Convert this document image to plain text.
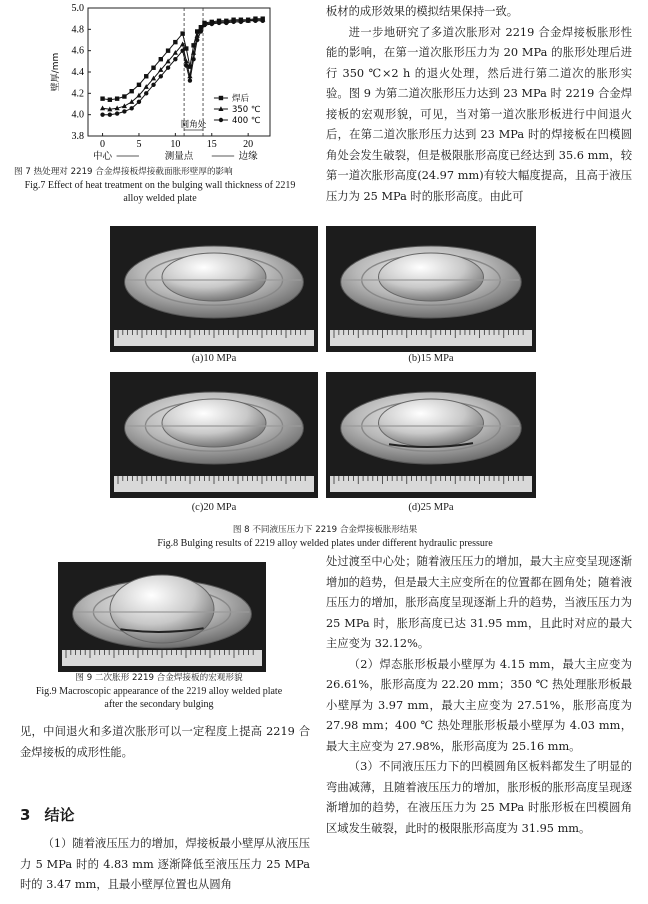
3.8
4.0
4.2
4.4
4.6
4.8
5.0
0	5	10	15	20
壁厚/mm
测量点
中心	边缘
圆角处
焊后
350 ℃
400 ℃
图 7 热处理对 2219 合金焊接板焊接截面胀形壁厚的影响
Fig.7 Effect of heat treatment on the bulging wall thickness of 2219 alloy welded plate

板材的成形效果的模拟结果保持一致。

进一步地研究了多道次胀形对 2219 合金焊接板胀形性能的影响，在第一道次胀形压力为 20 MPa 的胀形处理后进行 350 ℃×2 h 的退火处理，然后进行第二道次的胀形实验。图 9 为第二道次胀形压力达到 23 MPa 时 2219 合金焊接板的宏观形貌，可见，当对第一道次胀形板进行中间退火后，在第二道次胀形压力达到 23 MPa 时的焊接板在凹模圆角处会发生破裂，但是极限胀形高度已经达到 35.6 mm，较第一道次胀形高度(24.97 mm)有较大幅度提高，且高于液压压力为 25 MPa 时的胀形高度。由此可

(a)10 MPa	(b)15 MPa
(c)20 MPa	(d)25 MPa
图 8 不同液压压力下 2219 合金焊接板胀形结果
Fig.8 Bulging results of 2219 alloy welded plates under different hydraulic pressure
图 9 二次胀形 2219 合金焊接板的宏观形貌
Fig.9 Macroscopic appearance of the 2219 alloy welded plate
after the secondary bulging

见，中间退火和多道次胀形可以一定程度上提高 2219 合金焊接板的成形性能。

3 结论

（1）随着液压压力的增加，焊接板最小壁厚从液压压力 5 MPa 时的 4.83 mm 逐渐降低至液压压力 25 MPa 时的 3.47 mm，且最小壁厚位置也从圆角

处过渡至中心处；随着液压压力的增加，最大主应变呈现逐渐增加的趋势，但是最大主应变所在的位置都在圆角处；随着液压压力的增加，胀形高度呈现逐渐上升的趋势，当液压压力为 25 MPa 时，胀形高度已达 31.95 mm，且此时对应的最大主应变为 32.12%。

（2）焊态胀形板最小壁厚为 4.15 mm，最大主应变为 26.61%，胀形高度为 22.20 mm；350 ℃ 热处理胀形板最小壁厚为 3.97 mm，最大主应变为 27.51%，胀形高度为 27.98 mm；400 ℃ 热处理胀形板最小壁厚为 4.03 mm，最大主应变为 27.98%，胀形高度为 25.16 mm。

（3）不同液压压力下的凹模圆角区板料都发生了明显的弯曲减薄，且随着液压压力的增加，胀形板的胀形高度呈现逐渐增加的趋势，在液压压力为 25 MPa 时胀形板在凹模圆角区域发生破裂，此时的极限胀形高度为 31.95 mm。
